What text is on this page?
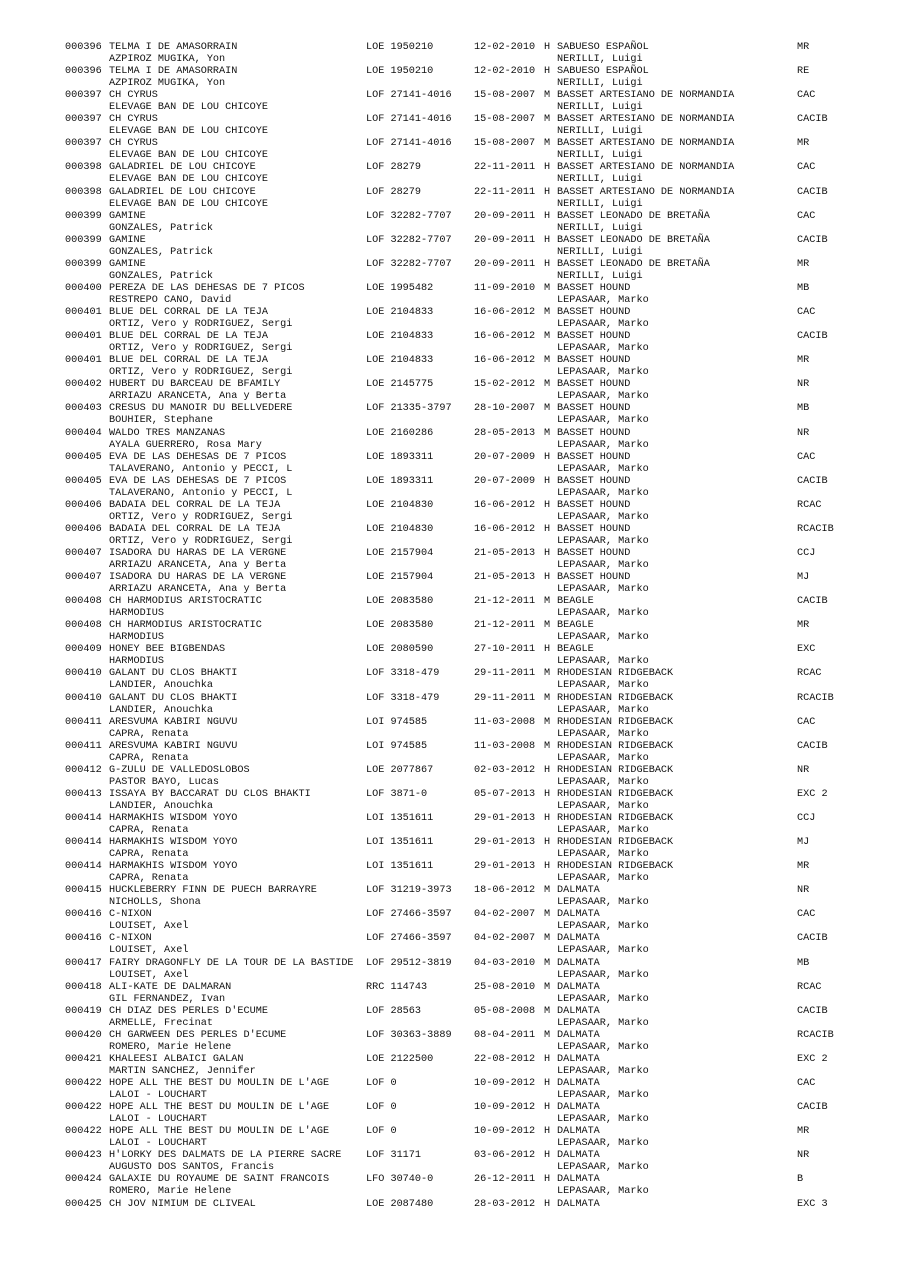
000396 TELMA I DE AMASORRAIN
AZPIROZ MUGIKA, Yon
LOE 1950210	12-02-2010 H SABUESO ESPAÑOL
NERILLI, Luigi
MR
000396 TELMA I DE AMASORRAIN
AZPIROZ MUGIKA, Yon
LOE 1950210	12-02-2010 H SABUESO ESPAÑOL
NERILLI, Luigi
RE
000397 CH CYRUS
ELEVAGE BAN DE LOU CHICOYE
LOF 27141-4016 15-08-2007 M BASSET ARTESIANO DE NORMANDIA
NERILLI, Luigi
CAC
000397 CH CYRUS
ELEVAGE BAN DE LOU CHICOYE
LOF 27141-4016 15-08-2007 M BASSET ARTESIANO DE NORMANDIA
NERILLI, Luigi
CACIB
000397 CH CYRUS
ELEVAGE BAN DE LOU CHICOYE
LOF 27141-4016 15-08-2007 M BASSET ARTESIANO DE NORMANDIA
NERILLI, Luigi
MR
000398 GALADRIEL DE LOU CHICOYE
ELEVAGE BAN DE LOU CHICOYE
LOF 28279	22-11-2011 H BASSET ARTESIANO DE NORMANDIA
NERILLI, Luigi
CAC
000398 GALADRIEL DE LOU CHICOYE
ELEVAGE BAN DE LOU CHICOYE
LOF 28279	22-11-2011 H BASSET ARTESIANO DE NORMANDIA
NERILLI, Luigi
CACIB
000399 GAMINE
GONZALES, Patrick
LOF 32282-7707 20-09-2011 H BASSET LEONADO DE BRETAÑA
NERILLI, Luigi
CAC
000399 GAMINE
GONZALES, Patrick
LOF 32282-7707 20-09-2011 H BASSET LEONADO DE BRETAÑA
NERILLI, Luigi
CACIB
000399 GAMINE
GONZALES, Patrick
LOF 32282-7707 20-09-2011 H BASSET LEONADO DE BRETAÑA
NERILLI, Luigi
MR
000400 PEREZA DE LAS DEHESAS DE 7 PICOS
RESTREPO CANO, David
LOE 1995482	11-09-2010 M BASSET HOUND
LEPASAAR, Marko
MB
000401 BLUE DEL CORRAL DE LA TEJA
ORTIZ, Vero y RODRIGUEZ, Sergi
LOE 2104833	16-06-2012 M BASSET HOUND
LEPASAAR, Marko
CAC
000401 BLUE DEL CORRAL DE LA TEJA
ORTIZ, Vero y RODRIGUEZ, Sergi
LOE 2104833	16-06-2012 M BASSET HOUND
LEPASAAR, Marko
CACIB
000401 BLUE DEL CORRAL DE LA TEJA
ORTIZ, Vero y RODRIGUEZ, Sergi
LOE 2104833	16-06-2012 M BASSET HOUND
LEPASAAR, Marko
MR
000402 HUBERT DU BARCEAU DE BFAMILY
ARRIAZU ARANCETA, Ana y Berta
LOE 2145775	15-02-2012 M BASSET HOUND
LEPASAAR, Marko
NR
000403 CRESUS DU MANOIR DU BELLVEDERE
BOUHIER, Stephane
LOF 21335-3797 28-10-2007 M BASSET HOUND
LEPASAAR, Marko
MB
000404 WALDO TRES MANZANAS
AYALA GUERRERO, Rosa Mary
LOE 2160286	28-05-2013 M BASSET HOUND
LEPASAAR, Marko
NR
000405 EVA DE LAS DEHESAS DE 7 PICOS
TALAVERANO, Antonio y PECCI, L
LOE 1893311	20-07-2009 H BASSET HOUND
LEPASAAR, Marko
CAC
000405 EVA DE LAS DEHESAS DE 7 PICOS
TALAVERANO, Antonio y PECCI, L
LOE 1893311	20-07-2009 H BASSET HOUND
LEPASAAR, Marko
CACIB
000406 BADAIA DEL CORRAL DE LA TEJA
ORTIZ, Vero y RODRIGUEZ, Sergi
LOE 2104830	16-06-2012 H BASSET HOUND
LEPASAAR, Marko
RCAC
000406 BADAIA DEL CORRAL DE LA TEJA
ORTIZ, Vero y RODRIGUEZ, Sergi
LOE 2104830	16-06-2012 H BASSET HOUND
LEPASAAR, Marko
RCACIB
000407 ISADORA DU HARAS DE LA VERGNE
ARRIAZU ARANCETA, Ana y Berta
LOE 2157904	21-05-2013 H BASSET HOUND
LEPASAAR, Marko
CCJ
000407 ISADORA DU HARAS DE LA VERGNE
ARRIAZU ARANCETA, Ana y Berta
LOE 2157904	21-05-2013 H BASSET HOUND
LEPASAAR, Marko
MJ
000408 CH HARMODIUS ARISTOCRATIC
HARMODIUS
LOE 2083580	21-12-2011 M BEAGLE
LEPASAAR, Marko
CACIB
000408 CH HARMODIUS ARISTOCRATIC
HARMODIUS
LOE 2083580	21-12-2011 M BEAGLE
LEPASAAR, Marko
MR
000409 HONEY BEE BIGBENDAS
HARMODIUS
LOE 2080590	27-10-2011 H BEAGLE
LEPASAAR, Marko
EXC
000410 GALANT DU CLOS BHAKTI
LANDIER, Anouchka
LOF 3318-479	29-11-2011 M RHODESIAN RIDGEBACK
LEPASAAR, Marko
RCAC
000410 GALANT DU CLOS BHAKTI
LANDIER, Anouchka
LOF 3318-479	29-11-2011 M RHODESIAN RIDGEBACK
LEPASAAR, Marko
RCACIB
000411 ARESVUMA KABIRI NGUVU
CAPRA, Renata
LOI 974585	11-03-2008 M RHODESIAN RIDGEBACK
LEPASAAR, Marko
CAC
000411 ARESVUMA KABIRI NGUVU
CAPRA, Renata
LOI 974585	11-03-2008 M RHODESIAN RIDGEBACK
LEPASAAR, Marko
CACIB
000412 G-ZULU DE VALLEDOSLOBOS
PASTOR BAYO, Lucas
LOE 2077867	02-03-2012 H RHODESIAN RIDGEBACK
LEPASAAR, Marko
NR
000413 ISSAYA BY BACCARAT DU CLOS BHAKTI
LANDIER, Anouchka
LOF 3871-0	05-07-2013 H RHODESIAN RIDGEBACK
LEPASAAR, Marko
EXC 2
000414 HARMAKHIS WISDOM YOYO
CAPRA, Renata
LOI 1351611	29-01-2013 H RHODESIAN RIDGEBACK
LEPASAAR, Marko
CCJ
000414 HARMAKHIS WISDOM YOYO
CAPRA, Renata
LOI 1351611	29-01-2013 H RHODESIAN RIDGEBACK
LEPASAAR, Marko
MJ
000414 HARMAKHIS WISDOM YOYO
CAPRA, Renata
LOI 1351611	29-01-2013 H RHODESIAN RIDGEBACK
LEPASAAR, Marko
MR
000415 HUCKLEBERRY FINN DE PUECH BARRAYRE
NICHOLLS, Shona
LOF 31219-3973 18-06-2012 M DALMATA
LEPASAAR, Marko
NR
000416 C-NIXON
LOUISET, Axel
LOF 27466-3597 04-02-2007 M DALMATA
LEPASAAR, Marko
CAC
000416 C-NIXON
LOUISET, Axel
LOF 27466-3597 04-02-2007 M DALMATA
LEPASAAR, Marko
CACIB
000417 FAIRY DRAGONFLY DE LA TOUR DE LA BASTIDE
LOUISET, Axel
LOF 29512-3819 04-03-2010 M DALMATA
LEPASAAR, Marko
MB
000418 ALI-KATE DE DALMARAN
GIL FERNANDEZ, Ivan
RRC 114743	25-08-2010 M DALMATA
LEPASAAR, Marko
RCAC
000419 CH DIAZ DES PERLES D'ECUME
ARMELLE, Frecinat
LOF 28563	05-08-2008 M DALMATA
LEPASAAR, Marko
CACIB
000420 CH GARWEEN DES PERLES D'ECUME
ROMERO, Marie Helene
LOF 30363-3889 08-04-2011 M DALMATA
LEPASAAR, Marko
RCACIB
000421 KHALEESI ALBAICI GALAN
MARTIN SANCHEZ, Jennifer
LOE 2122500	22-08-2012 H DALMATA
LEPASAAR, Marko
EXC 2
000422 HOPE ALL THE BEST DU MOULIN DE L'AGE
LALOI - LOUCHART
LOF 0	10-09-2012 H DALMATA
LEPASAAR, Marko
CAC
000422 HOPE ALL THE BEST DU MOULIN DE L'AGE
LALOI - LOUCHART
LOF 0	10-09-2012 H DALMATA
LEPASAAR, Marko
CACIB
000422 HOPE ALL THE BEST DU MOULIN DE L'AGE
LALOI - LOUCHART
LOF 0	10-09-2012 H DALMATA
LEPASAAR, Marko
MR
000423 H'LORKY DES DALMATS DE LA PIERRE SACRE
AUGUSTO DOS SANTOS, Francis
LOF 31171	03-06-2012 H DALMATA
LEPASAAR, Marko
NR
000424 GALAXIE DU ROYAUME DE SAINT FRANCOIS
ROMERO, Marie Helene
LFO 30740-0	26-12-2011 H DALMATA
LEPASAAR, Marko
B
000425 CH JOV NIMIUM DE CLIVEAL	LOE 2087480	28-03-2012 H DALMATA	EXC 3
